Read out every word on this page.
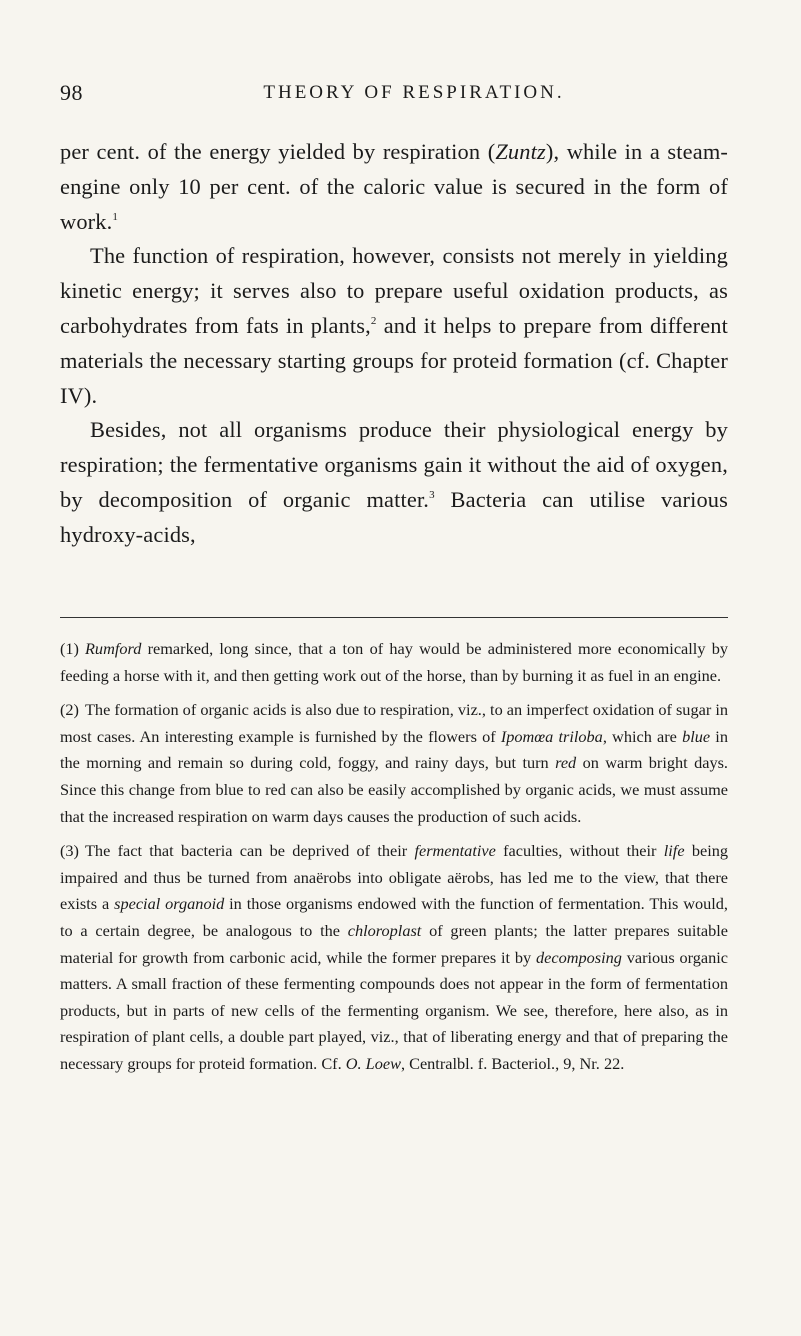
98	THEORY OF RESPIRATION.

per cent. of the energy yielded by respiration (Zuntz), while in a steam-engine only 10 per cent. of the caloric value is secured in the form of work.$^1$

The function of respiration, however, consists not merely in yielding kinetic energy; it serves also to prepare useful oxidation products, as carbohydrates from fats in plants,$^2$ and it helps to prepare from different materials the necessary starting groups for proteid formation (cf. Chapter IV).

Besides, not all organisms produce their physiological energy by respiration; the fermentative organisms gain it without the aid of oxygen, by decomposition of organic matter.$^3$ Bacteria can utilise various hydroxy-acids,

(1) Rumford remarked, long since, that a ton of hay would be administered more economically by feeding a horse with it, and then getting work out of the horse, than by burning it as fuel in an engine.

(2) The formation of organic acids is also due to respiration, viz., to an imperfect oxidation of sugar in most cases. An interesting example is furnished by the flowers of Ipomœa triloba, which are blue in the morning and remain so during cold, foggy, and rainy days, but turn red on warm bright days. Since this change from blue to red can also be easily accomplished by organic acids, we must assume that the increased respiration on warm days causes the production of such acids.

(3) The fact that bacteria can be deprived of their fermentative faculties, without their life being impaired and thus be turned from anaërobs into obligate aërobs, has led me to the view, that there exists a special organoid in those organisms endowed with the function of fermentation. This would, to a certain degree, be analogous to the chloroplast of green plants; the latter prepares suitable material for growth from carbonic acid, while the former prepares it by decomposing various organic matters. A small fraction of these fermenting compounds does not appear in the form of fermentation products, but in parts of new cells of the fermenting organism. We see, therefore, here also, as in respiration of plant cells, a double part played, viz., that of liberating energy and that of preparing the necessary groups for proteid formation. Cf. O. Loew, Centralbl. f. Bacteriol., 9, Nr. 22.
